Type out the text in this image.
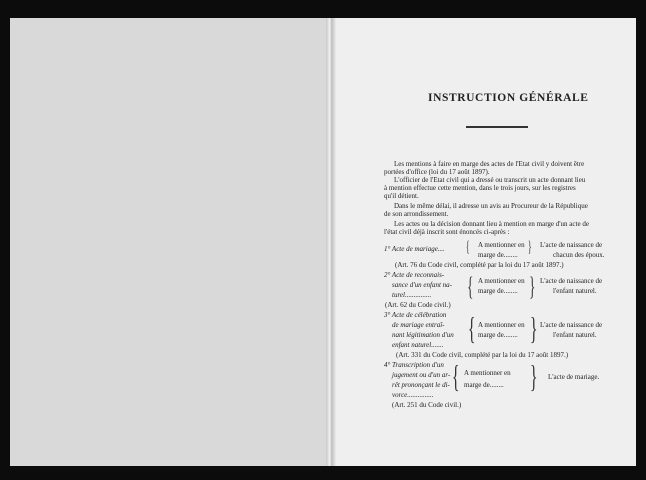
INSTRUCTION GÉNÉRALE
Les mentions à faire en marge des actes de l'Etat civil y doivent être
portées d'office (loi du 17 août 1897).
L'officier de l'Etat civil qui a dressé ou transcrit un acte donnant lieu
à mention effectue cette mention, dans le trois jours, sur les registres
qu'il détient.
Dans le même délai, il adresse un avis au Procureur de la République
de son arrondissement.
Les actes ou la décision donnant lieu à mention en marge d'un acte de
l'état civil déjà inscrit sont énoncés ci-après :
1° Acte de mariage.... { A mentionner en
marge de........ } L'acte de naissance de
chacun des époux.
(Art. 76 du Code civil, complété par la loi du 17 août 1897.)
2° Acte de reconnais-
sance d'un enfant na-
turel............... { A mentionner en
marge de........ } L'acte de naissance de
l'enfant naturel.
(Art. 62 du Code civil.)
3° Acte de célébration
de mariage entraî-
nant légitimation d'un
enfant naturel....... { A mentionner en
marge de........ } L'acte de naissance de
l'enfant naturel.
(Art. 331 du Code civil, complété par la loi du 17 août 1897.)
4° Transcription d'un
jugement ou d'un ar-
rêt prononçant le di-
vorce...............
{ A mentionner en
marge de........ } L'acte de mariage.
(Art. 251 du Code civil.)
